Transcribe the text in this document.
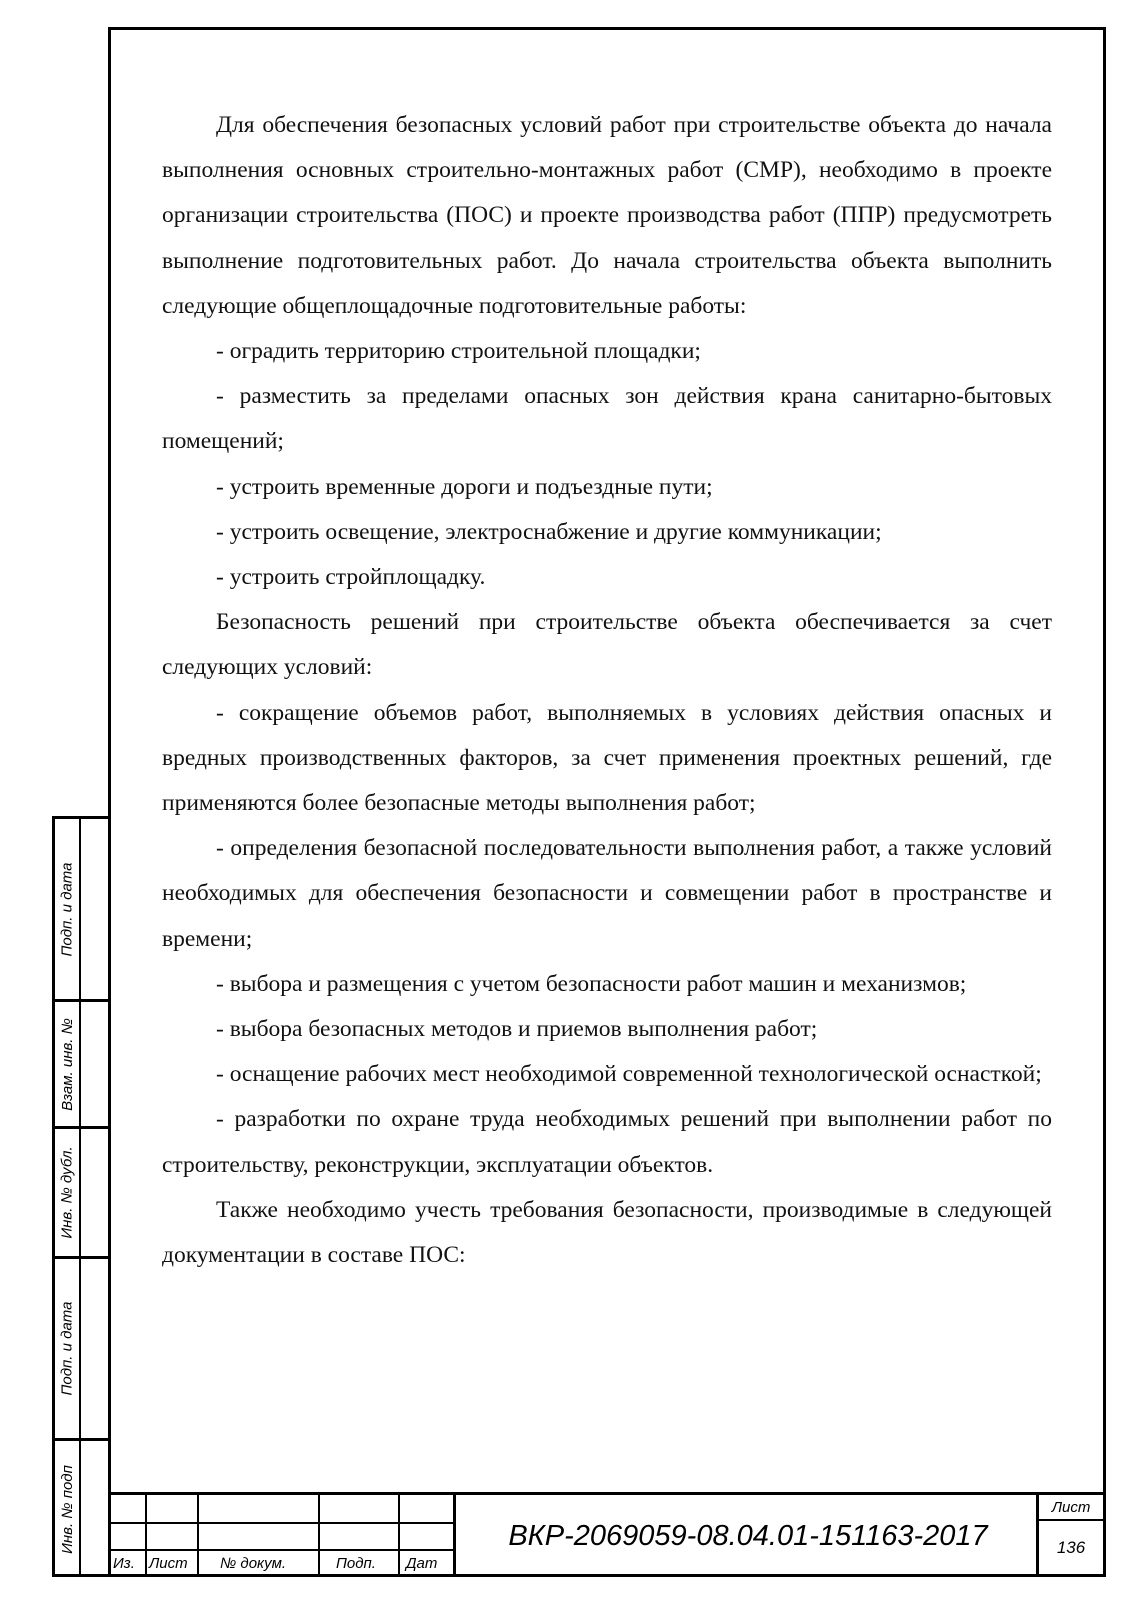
Для обеспечения безопасных условий работ при строительстве объекта до начала выполнения основных строительно-монтажных работ (СМР), необходимо в проекте организации строительства (ПОС) и проекте производства работ (ППР) предусмотреть выполнение подготовительных работ. До начала строительства объекта выполнить следующие общеплощадочные подготовительные работы:

- оградить территорию строительной площадки;

- разместить за пределами опасных зон действия крана санитарно-бытовых помещений;

- устроить временные дороги и подъездные пути;

- устроить освещение, электроснабжение и другие коммуникации;

- устроить стройплощадку.

Безопасность решений при строительстве объекта обеспечивается за счет следующих условий:

- сокращение объемов работ, выполняемых в условиях действия опасных и вредных производственных факторов, за счет применения проектных решений, где применяются более безопасные методы выполнения работ;

- определения безопасной последовательности выполнения работ, а также условий необходимых для обеспечения безопасности и совмещении работ в пространстве и времени;

- выбора и размещения с учетом безопасности работ машин и механизмов;

- выбора безопасных методов и приемов выполнения работ;

- оснащение рабочих мест необходимой современной технологической оснасткой;

- разработки по охране труда необходимых решений при выполнении работ по строительству, реконструкции, эксплуатации объектов.

Также необходимо учесть требования безопасности, производимые в следующей документации в составе ПОС:

Подп. и дата
Взам. инв. №
Инв. № дубл.
Подп. и дата
Инв. № подп
Из. Лист № докум.	Подп. Дат
ВКР-2069059-08.04.01-151163-2017
Лист
136
